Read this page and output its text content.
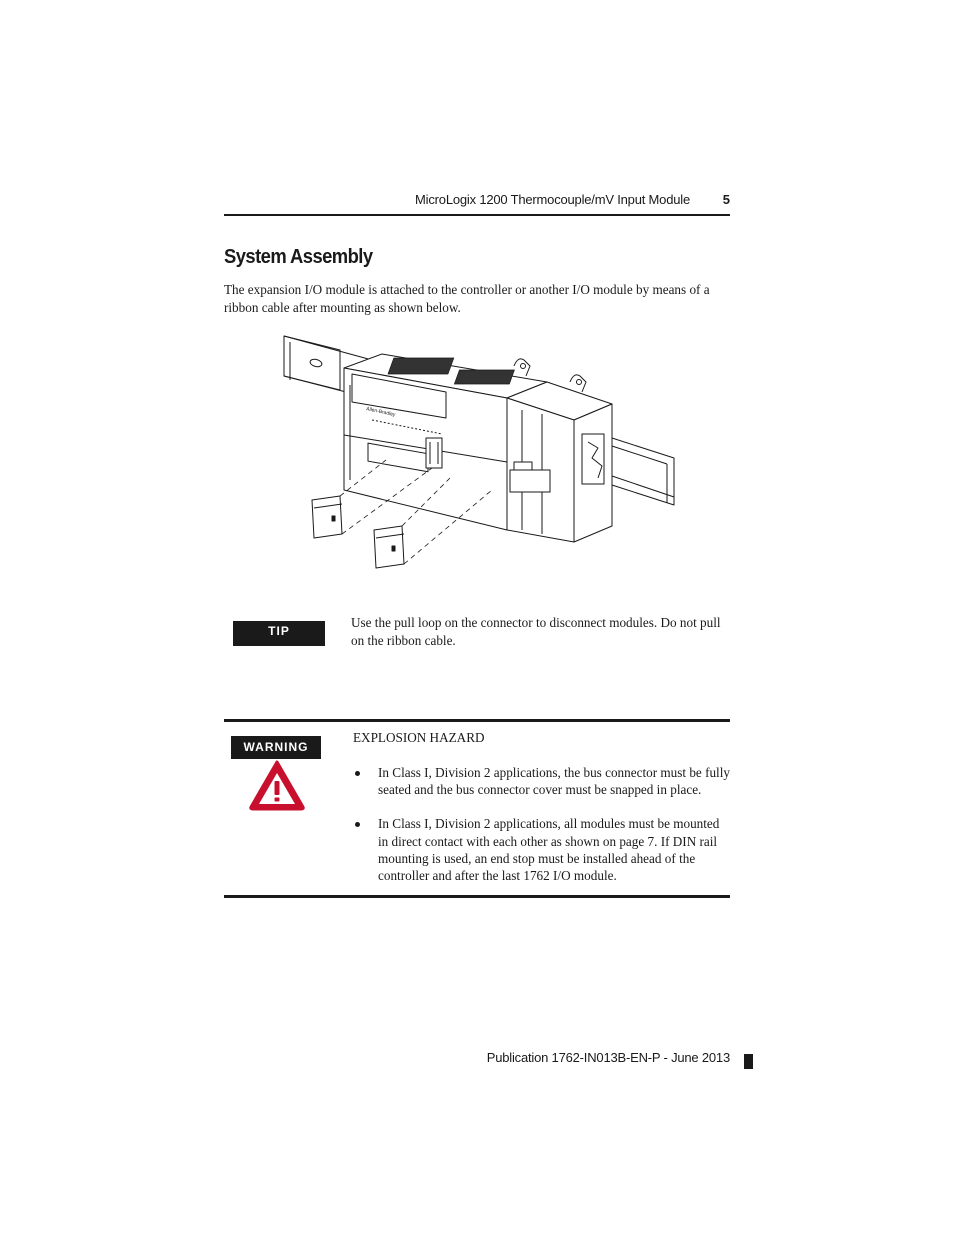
MicroLogix 1200 Thermocouple/mV Input Module	5
System Assembly

The expansion I/O module is attached to the controller or another I/O module by means of a ribbon cable after mounting as shown below.

Allen-Bradley
TIP

Use the pull loop on the connector to disconnect modules. Do not pull on the ribbon cable.

WARNING

EXPLOSION HAZARD

In Class I, Division 2 applications, the bus connector must be fully seated and the bus connector cover must be snapped in place.
In Class I, Division 2 applications, all modules must be mounted in direct contact with each other as shown on page 7. If DIN rail mounting is used, an end stop must be installed ahead of the controller and after the last 1762 I/O module.
Publication 1762-IN013B-EN-P - June 2013
